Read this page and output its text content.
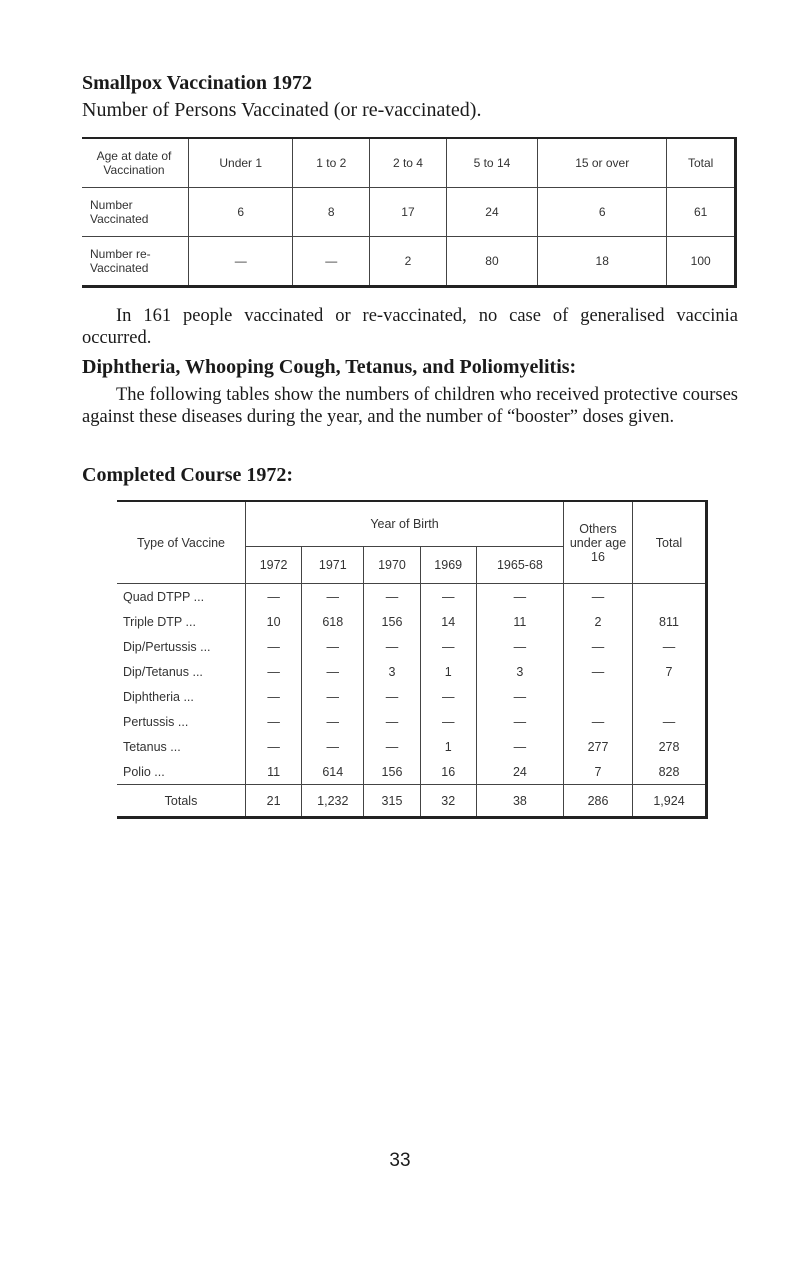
Smallpox Vaccination 1972
Number of Persons Vaccinated (or re-vaccinated).
Age at date of Vaccination	Under 1	1 to 2	2 to 4	5 to 14	15 or over	Total
Number Vaccinated	6	8	17	24	6	61
Number re-Vaccinated	—	—	2	80	18	100
In 161 people vaccinated or re-vaccinated, no case of generalised vaccinia occurred.
Diphtheria, Whooping Cough, Tetanus, and Poliomyelitis:
The following tables show the numbers of children who received protective courses against these diseases during the year, and the number of “booster” doses given.
Completed Course 1972:
Type of Vaccine	Year of Birth					Others under age 16	Total
	1972	1971	1970	1969	1965-68		
Quad DTPP ...	—	—	—	—	—	—	
Triple DTP ...	10	618	156	14	11	2	811
Dip/Pertussis ...	—	—	—	—	—	—	—
Dip/Tetanus ...	—	—	3	1	3	—	7
Diphtheria ...	—	—	—	—	—		
Pertussis ...	—	—	—	—	—	—	—
Tetanus ...	—	—	—	1	—	277	278
Polio ...	11	614	156	16	24	7	828
Totals	21	1,232	315	32	38	286	1,924
33
